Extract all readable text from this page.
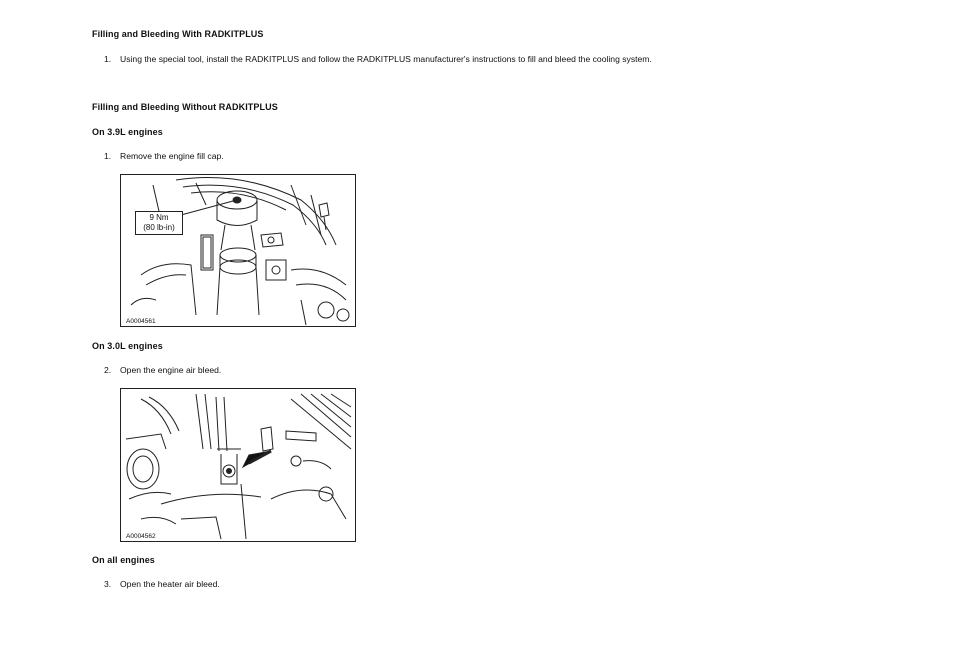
Filling and Bleeding With RADKITPLUS
1. Using the special tool, install the RADKITPLUS and follow the RADKITPLUS manufacturer's instructions to fill and bleed the cooling system.
Filling and Bleeding Without RADKITPLUS
On 3.9L engines
1. Remove the engine fill cap.
9 Nm
(80 lb-in)
A0004561
On 3.0L engines
2. Open the engine air bleed.
A0004562
On all engines
3. Open the heater air bleed.
